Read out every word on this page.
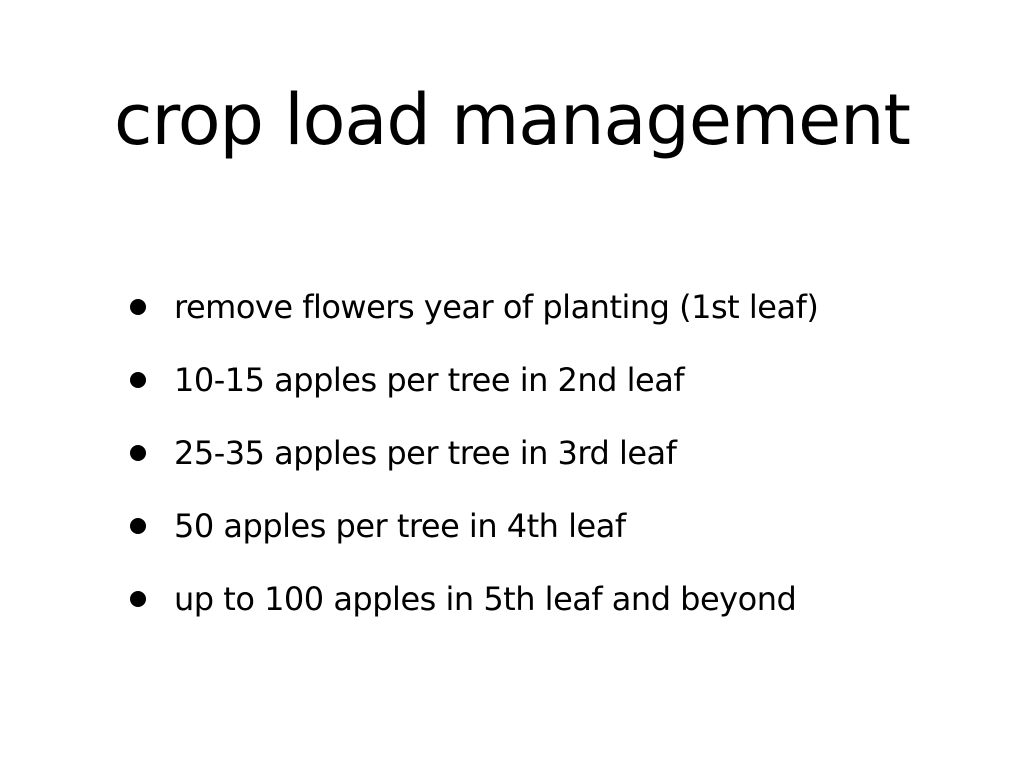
crop load management
remove flowers year of planting (1st leaf)
10-15 apples per tree in 2nd leaf
25-35 apples per tree in 3rd leaf
50 apples per tree in 4th leaf
up to 100 apples in 5th leaf and beyond
